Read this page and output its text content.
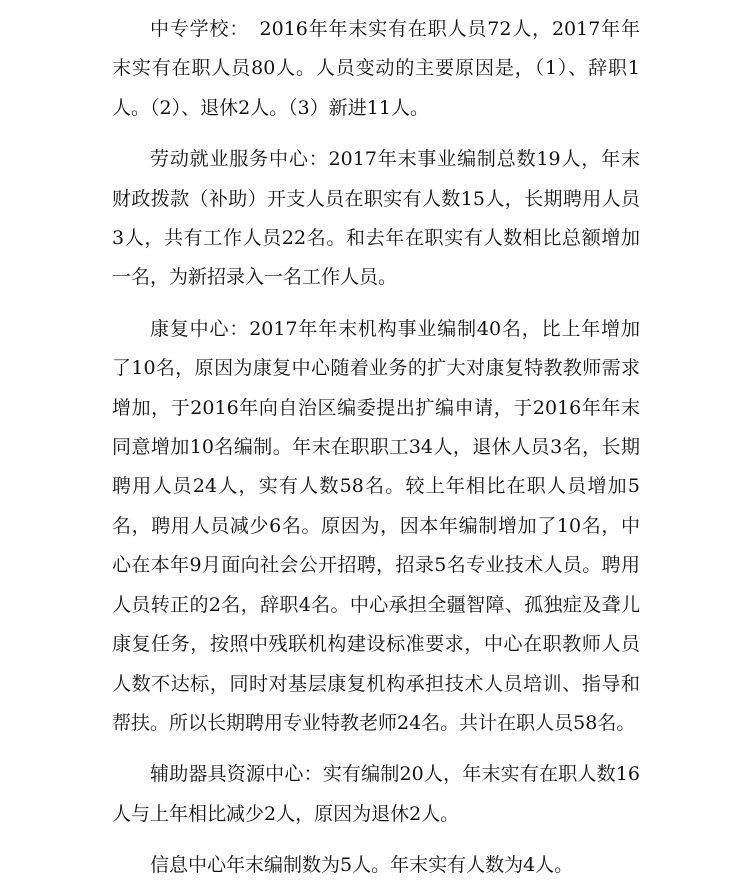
中专学校：　2016年年末实有在职人员72人，2017年年末实有在职人员80人。人员变动的主要原因是，（1）、辞职1人。（2）、退休2人。（3）新进11人。

劳动就业服务中心：2017年末事业编制总数19人，年末财政拨款（补助）开支人员在职实有人数15人，长期聘用人员3人，共有工作人员22名。和去年在职实有人数相比总额增加一名，为新招录入一名工作人员。

康复中心：2017年年末机构事业编制40名，比上年增加了10名，原因为康复中心随着业务的扩大对康复特教教师需求增加，于2016年向自治区编委提出扩编申请，于2016年年末同意增加10名编制。年末在职职工34人，退休人员3名，长期聘用人员24人，实有人数58名。较上年相比在职人员增加5名，聘用人员减少6名。原因为，因本年编制增加了10名，中心在本年9月面向社会公开招聘，招录5名专业技术人员。聘用人员转正的2名，辞职4名。中心承担全疆智障、孤独症及聋儿康复任务，按照中残联机构建设标准要求，中心在职教师人员人数不达标，同时对基层康复机构承担技术人员培训、指导和帮扶。所以长期聘用专业特教老师24名。共计在职人员58名。

辅助器具资源中心：实有编制20人，年末实有在职人数16人与上年相比减少2人，原因为退休2人。

信息中心年末编制数为5人。年末实有人数为4人。
